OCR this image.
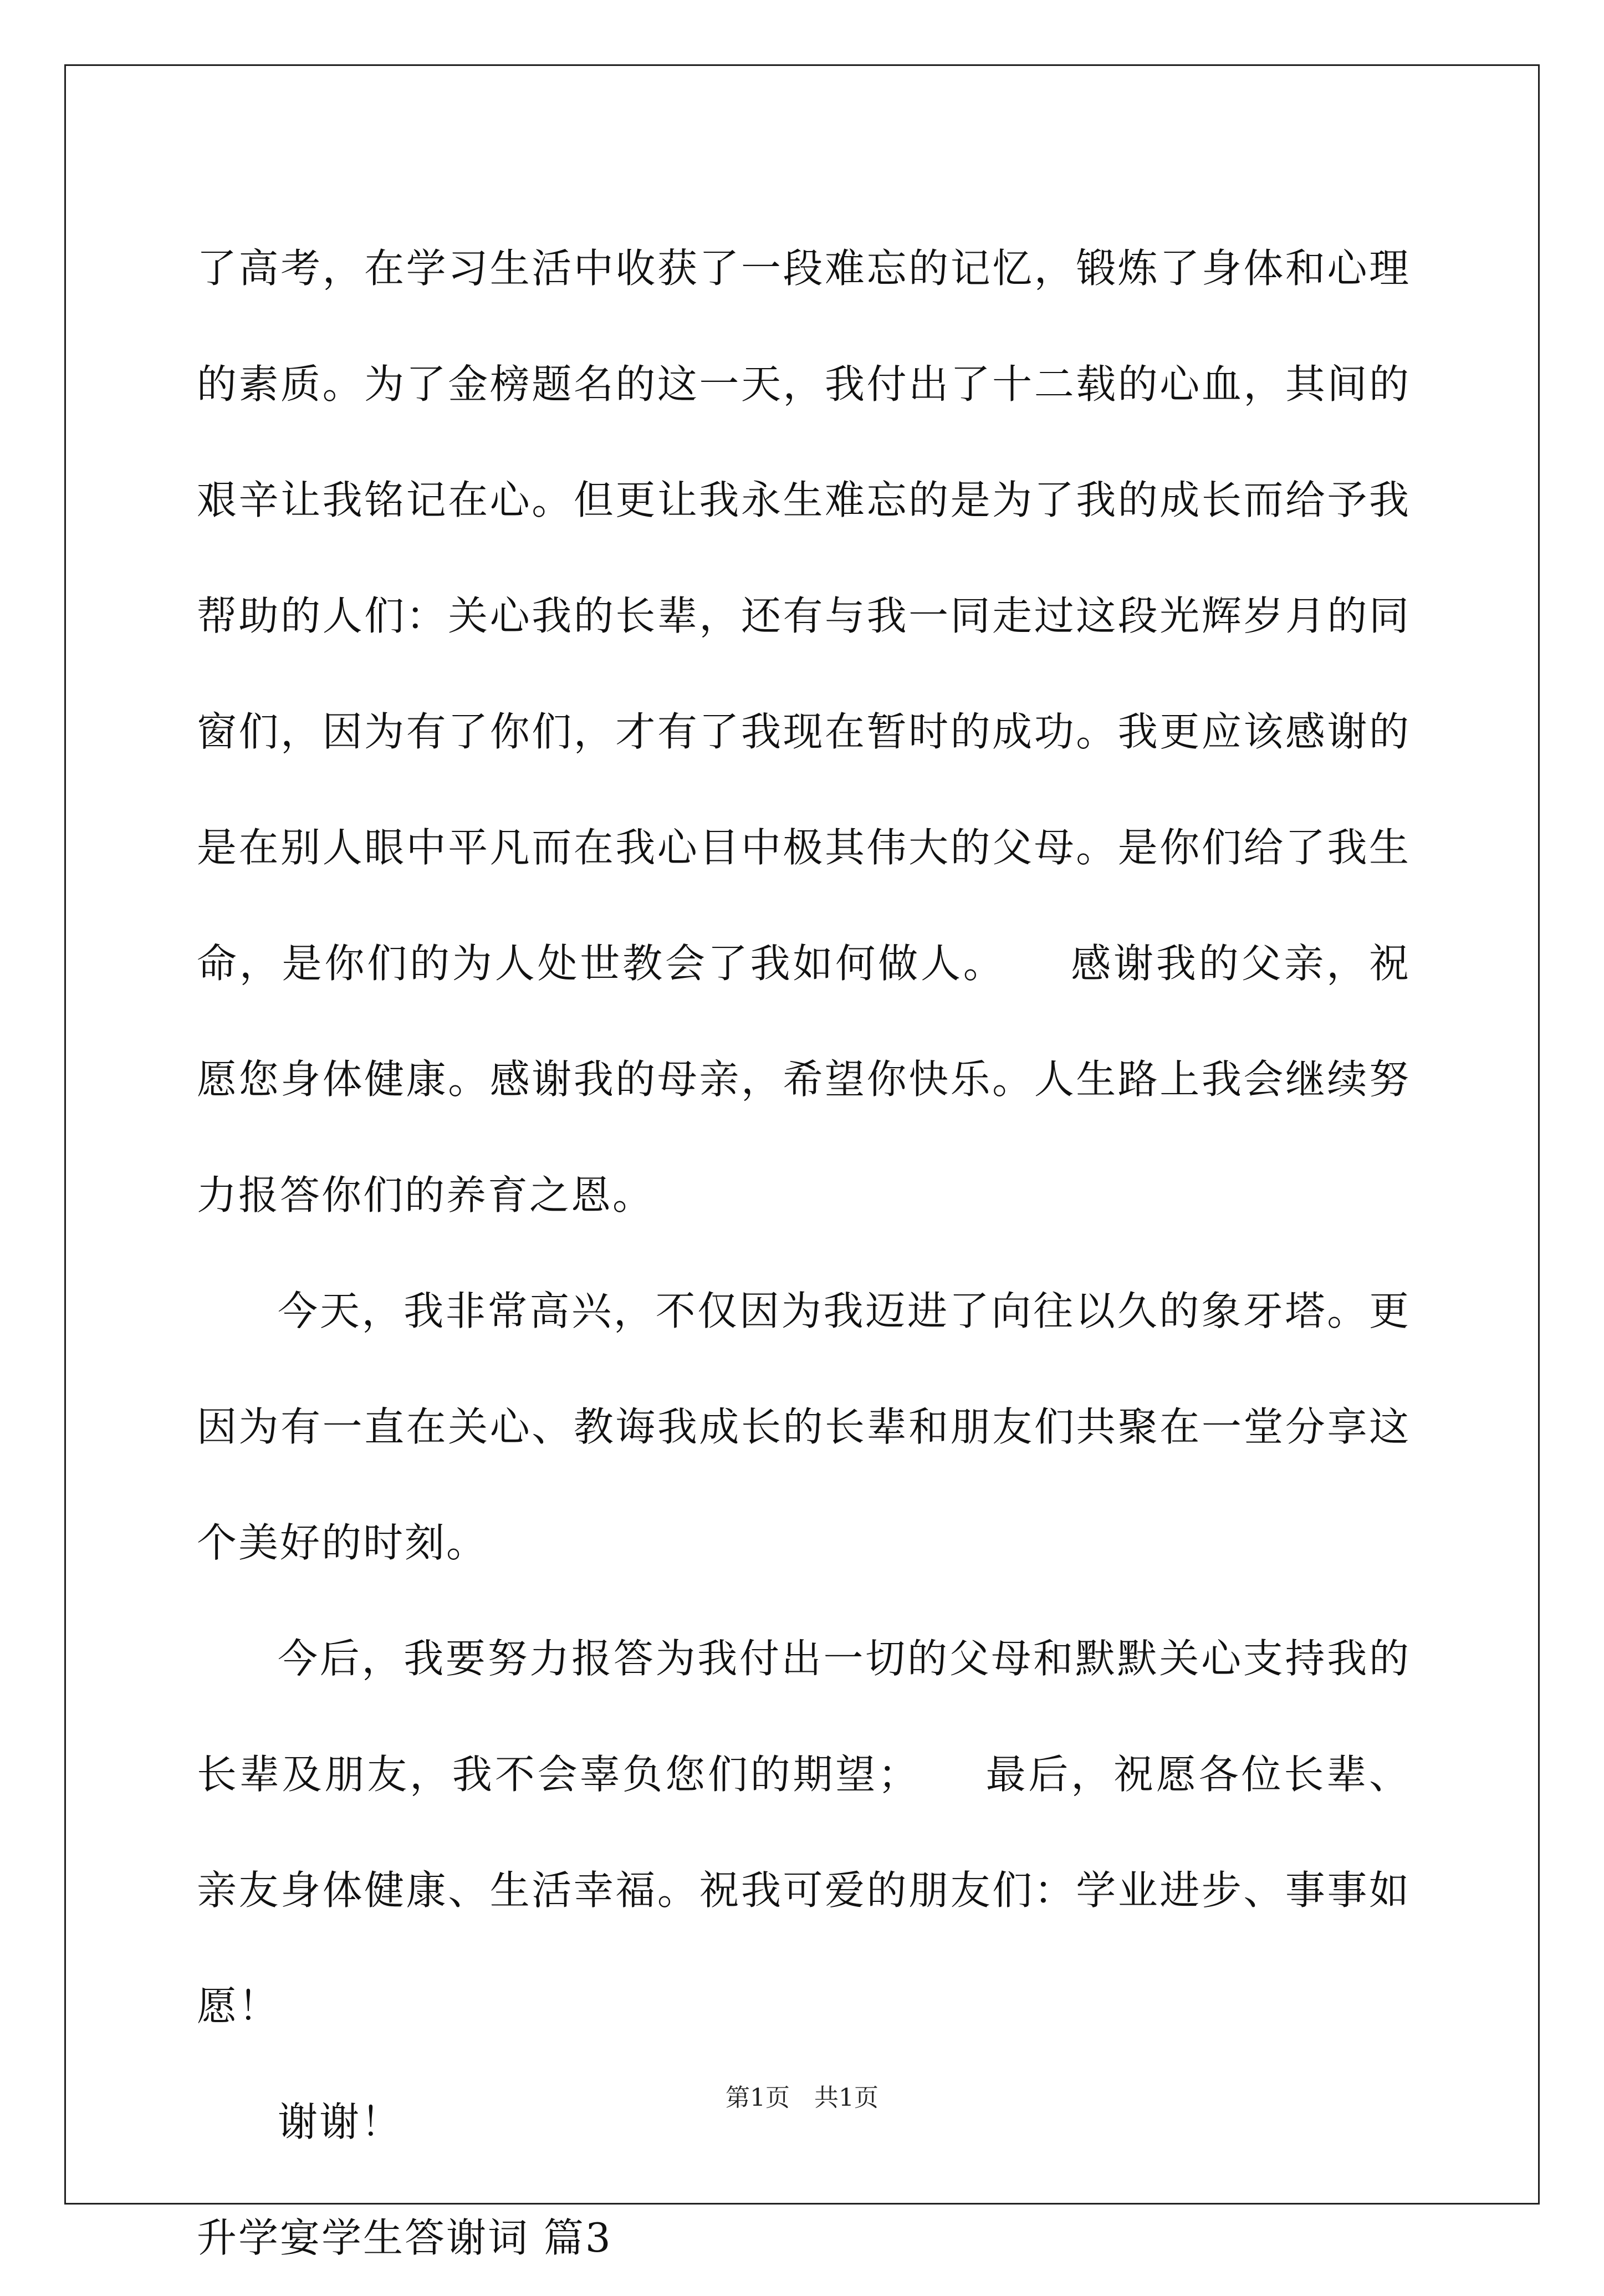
了高考，在学习生活中收获了一段难忘的记忆，锻炼了身体和心理的素质。为了金榜题名的这一天，我付出了十二载的心血，其间的艰辛让我铭记在心。但更让我永生难忘的是为了我的成长而给予我帮助的人们：关心我的长辈，还有与我一同走过这段光辉岁月的同窗们，因为有了你们，才有了我现在暂时的成功。我更应该感谢的是在别人眼中平凡而在我心目中极其伟大的父母。是你们给了我生命，是你们的为人处世教会了我如何做人。　　感谢我的父亲，祝愿您身体健康。感谢我的母亲，希望你快乐。人生路上我会继续努力报答你们的养育之恩。

今天，我非常高兴，不仅因为我迈进了向往以久的象牙塔。更因为有一直在关心、教诲我成长的长辈和朋友们共聚在一堂分享这个美好的时刻。

今后，我要努力报答为我付出一切的父母和默默关心支持我的长辈及朋友，我不会辜负您们的期望；　　最后，祝愿各位长辈、亲友身体健康、生活幸福。祝我可爱的朋友们：学业进步、事事如愿！

谢谢！

升学宴学生答谢词 篇3

第1页　共1页
